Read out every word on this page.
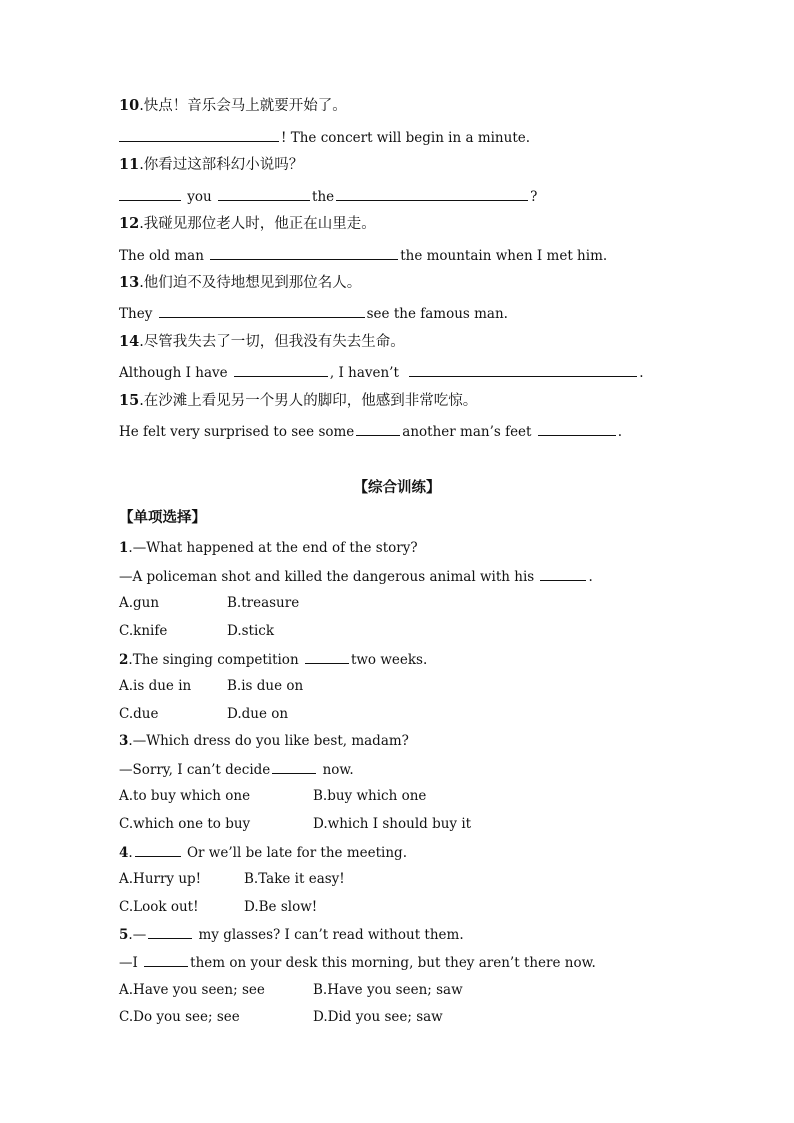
10.快点！音乐会马上就要开始了。
! The concert will begin in a minute.
11.你看过这部科幻小说吗？
you	the	?
12.我碰见那位老人时，他正在山里走。
The old man	the mountain when I met him.
13.他们迫不及待地想见到那位名人。
They	see the famous man.
14.尽管我失去了一切，但我没有失去生命。
Although I have	, I haven’t	.
15.在沙滩上看见另一个男人的脚印，他感到非常吃惊。
He felt very surprised to see some	another man’s feet	.
【综合训练】
【单项选择】
1.—What happened at the end of the story?
—A policeman shot and killed the dangerous animal with his	.
A.gun	B.treasure
C.knife	D.stick
2.The singing competition	two weeks.
A.is due in	B.is due on
C.due	D.due on
3.—Which dress do you like best, madam?
—Sorry, I can’t decide	now.
A.to buy which one	B.buy which one
C.which one to buy	D.which I should buy it
4.	Or we’ll be late for the meeting.
A.Hurry up!	B.Take it easy!
C.Look out!	D.Be slow!
5.—	my glasses? I can’t read without them.
—I	them on your desk this morning, but they aren’t there now.
A.Have you seen; see	B.Have you seen; saw
C.Do you see; see	D.Did you see; saw
